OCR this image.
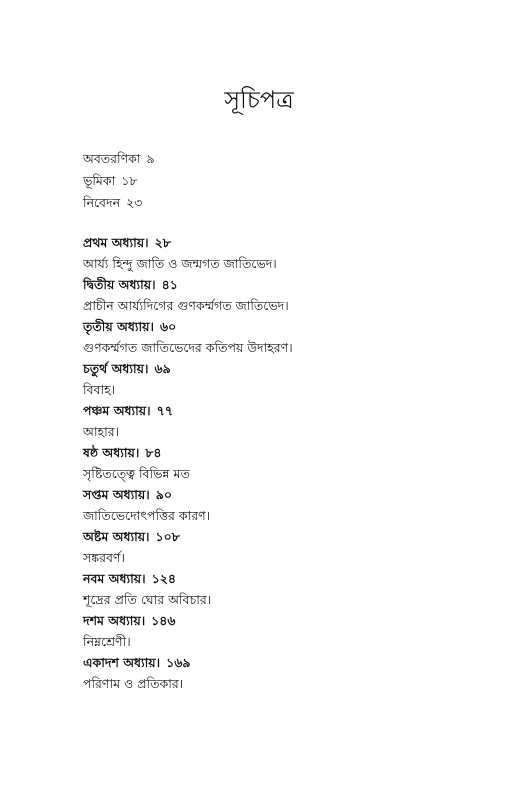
সূচিপত্র
অবতরণিকা ৯
ভূমিকা ১৮
নিবেদন ২৩
প্রথম অধ্যায়। ২৮
আর্য্য হিন্দু জাতি ও জন্মগত জাতিভেদ।
দ্বিতীয় অধ্যায়। ৪১
প্রাচীন আর্য্যদিগের গুণকর্ম্মগত জাতিভেদ।
তৃতীয় অধ্যায়। ৬০
গুণকর্ম্মগত জাতিভেদের কতিপয় উদাহরণ।
চতুর্থ অধ্যায়। ৬৯
বিবাহ।
পঞ্চম অধ্যায়। ৭৭
আহার।
ষষ্ঠ অধ্যায়। ৮৪
সৃষ্টিতত্ত্বে বিভিন্ন মত
সপ্তম অধ্যায়। ৯০
জাতিভেদোৎপত্তির কারণ।
অষ্টম অধ্যায়। ১০৮
সঙ্করবর্ণ।
নবম অধ্যায়। ১২৪
শূদ্রের প্রতি ঘোর অবিচার।
দশম অধ্যায়। ১৪৬
নিম্নশ্রেণী।
একাদশ অধ্যায়। ১৬৯
পরিণাম ও প্রতিকার।
